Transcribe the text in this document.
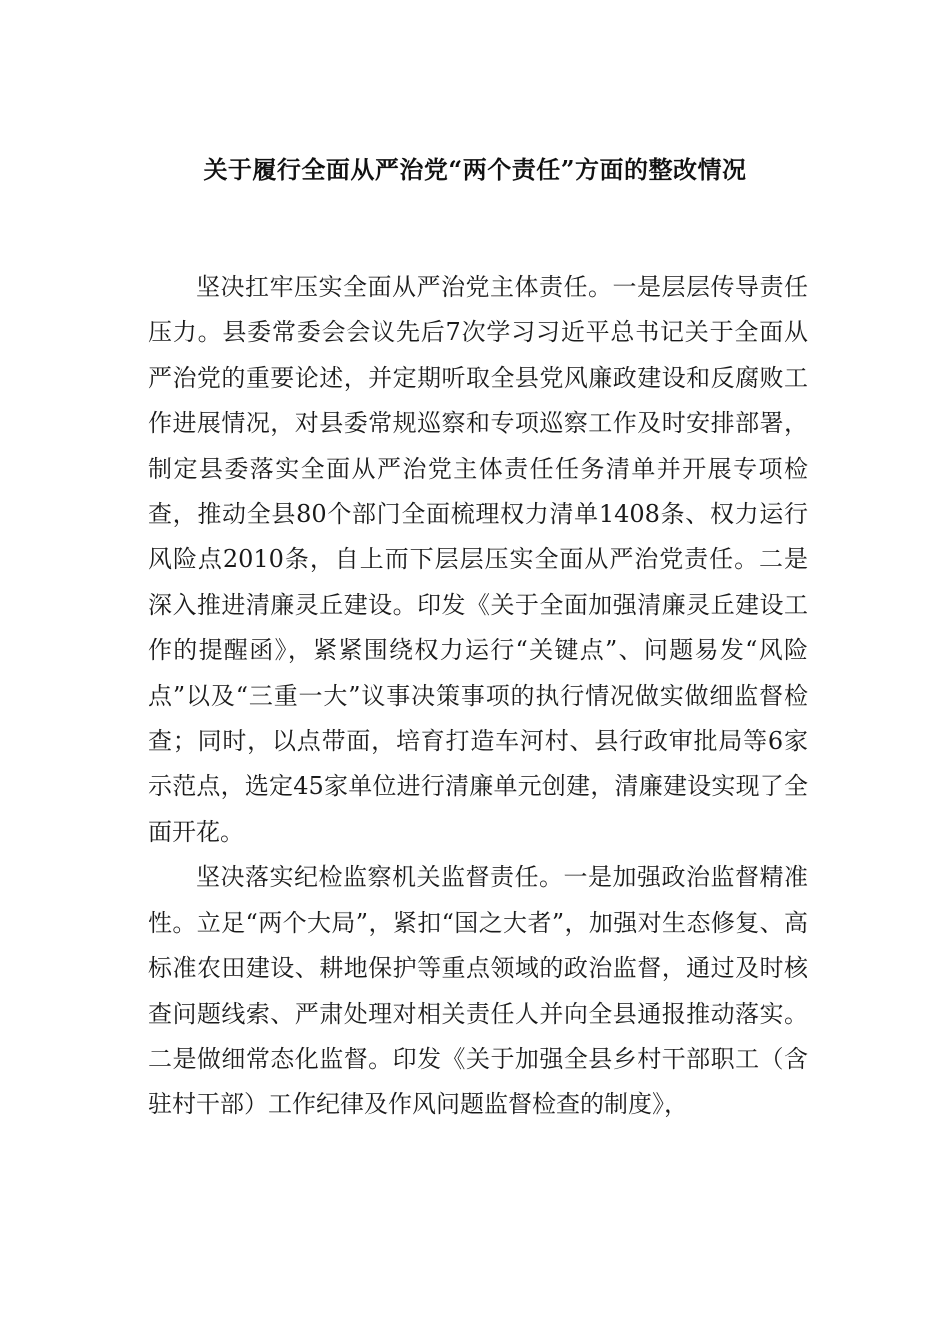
关于履行全面从严治党“两个责任”方面的整改情况

坚决扛牢压实全面从严治党主体责任。一是层层传导责任压力。县委常委会会议先后7次学习习近平总书记关于全面从严治党的重要论述，并定期听取全县党风廉政建设和反腐败工作进展情况，对县委常规巡察和专项巡察工作及时安排部署，制定县委落实全面从严治党主体责任任务清单并开展专项检查，推动全县80个部门全面梳理权力清单1408条、权力运行风险点2010条，自上而下层层压实全面从严治党责任。二是深入推进清廉灵丘建设。印发《关于全面加强清廉灵丘建设工作的提醒函》，紧紧围绕权力运行“关键点”、问题易发“风险点”以及“三重一大”议事决策事项的执行情况做实做细监督检查；同时，以点带面，培育打造车河村、县行政审批局等6家示范点，选定45家单位进行清廉单元创建，清廉建设实现了全面开花。

坚决落实纪检监察机关监督责任。一是加强政治监督精准性。立足“两个大局”，紧扣“国之大者”，加强对生态修复、高标准农田建设、耕地保护等重点领域的政治监督，通过及时核查问题线索、严肃处理对相关责任人并向全县通报推动落实。二是做细常态化监督。印发《关于加强全县乡村干部职工（含驻村干部）工作纪律及作风问题监督检查的制度》，
